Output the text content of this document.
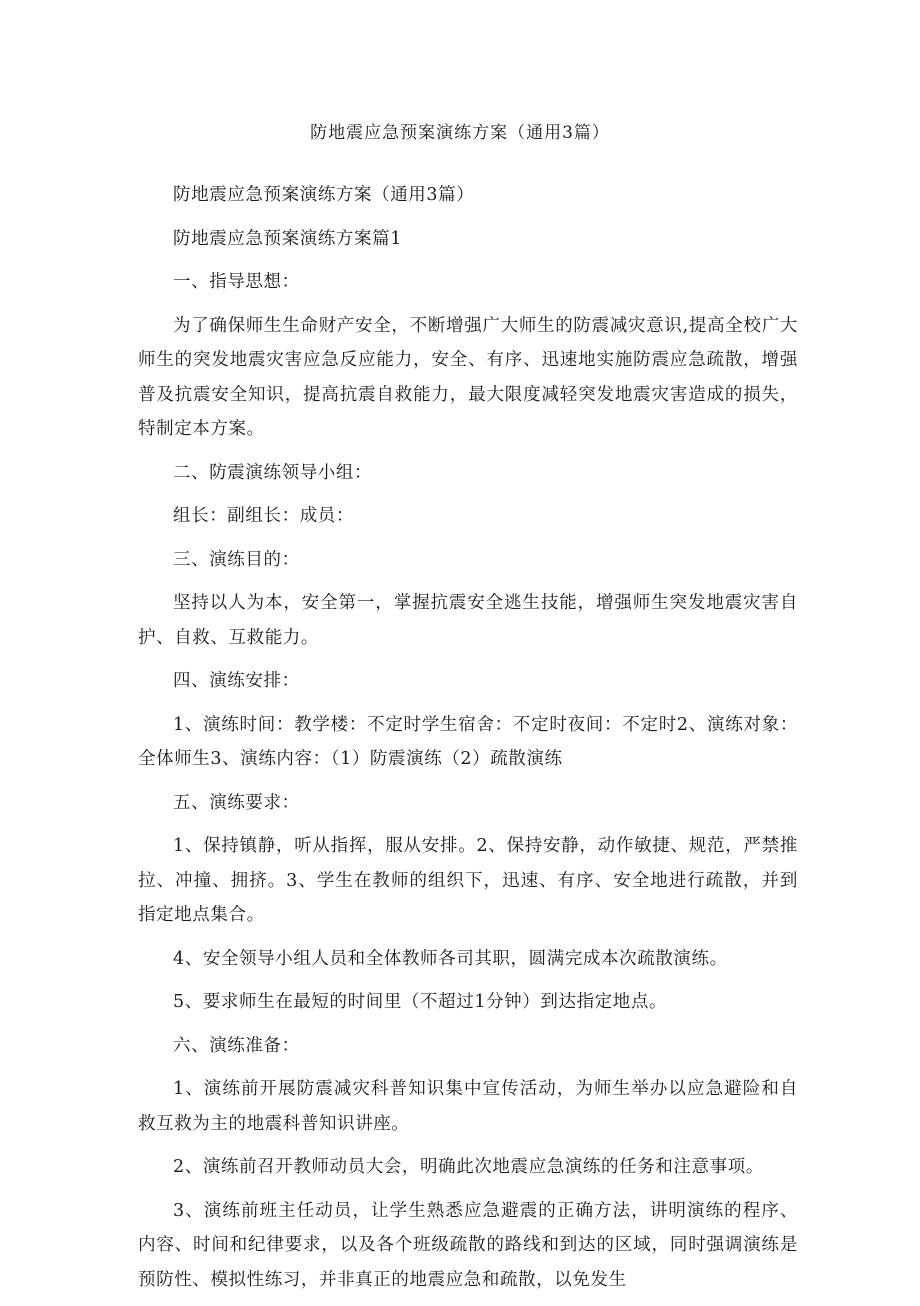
防地震应急预案演练方案（通用3篇）

防地震应急预案演练方案（通用3篇）

防地震应急预案演练方案篇1

一、指导思想：

为了确保师生生命财产安全，不断增强广大师生的防震减灾意识,提高全校广大师生的突发地震灾害应急反应能力，安全、有序、迅速地实施防震应急疏散，增强普及抗震安全知识，提高抗震自救能力，最大限度减轻突发地震灾害造成的损失，特制定本方案。

二、防震演练领导小组：

组长：副组长：成员：

三、演练目的：

坚持以人为本，安全第一，掌握抗震安全逃生技能，增强师生突发地震灾害自护、自救、互救能力。

四、演练安排：

1、演练时间：教学楼：不定时学生宿舍：不定时夜间：不定时2、演练对象：全体师生3、演练内容：（1）防震演练（2）疏散演练

五、演练要求：

1、保持镇静，听从指挥，服从安排。2、保持安静，动作敏捷、规范，严禁推拉、冲撞、拥挤。3、学生在教师的组织下，迅速、有序、安全地进行疏散，并到指定地点集合。

4、安全领导小组人员和全体教师各司其职，圆满完成本次疏散演练。

5、要求师生在最短的时间里（不超过1分钟）到达指定地点。

六、演练准备：

1、演练前开展防震减灾科普知识集中宣传活动，为师生举办以应急避险和自救互救为主的地震科普知识讲座。

2、演练前召开教师动员大会，明确此次地震应急演练的任务和注意事项。

3、演练前班主任动员，让学生熟悉应急避震的正确方法，讲明演练的程序、内容、时间和纪律要求，以及各个班级疏散的路线和到达的区域，同时强调演练是预防性、模拟性练习，并非真正的地震应急和疏散，以免发生
